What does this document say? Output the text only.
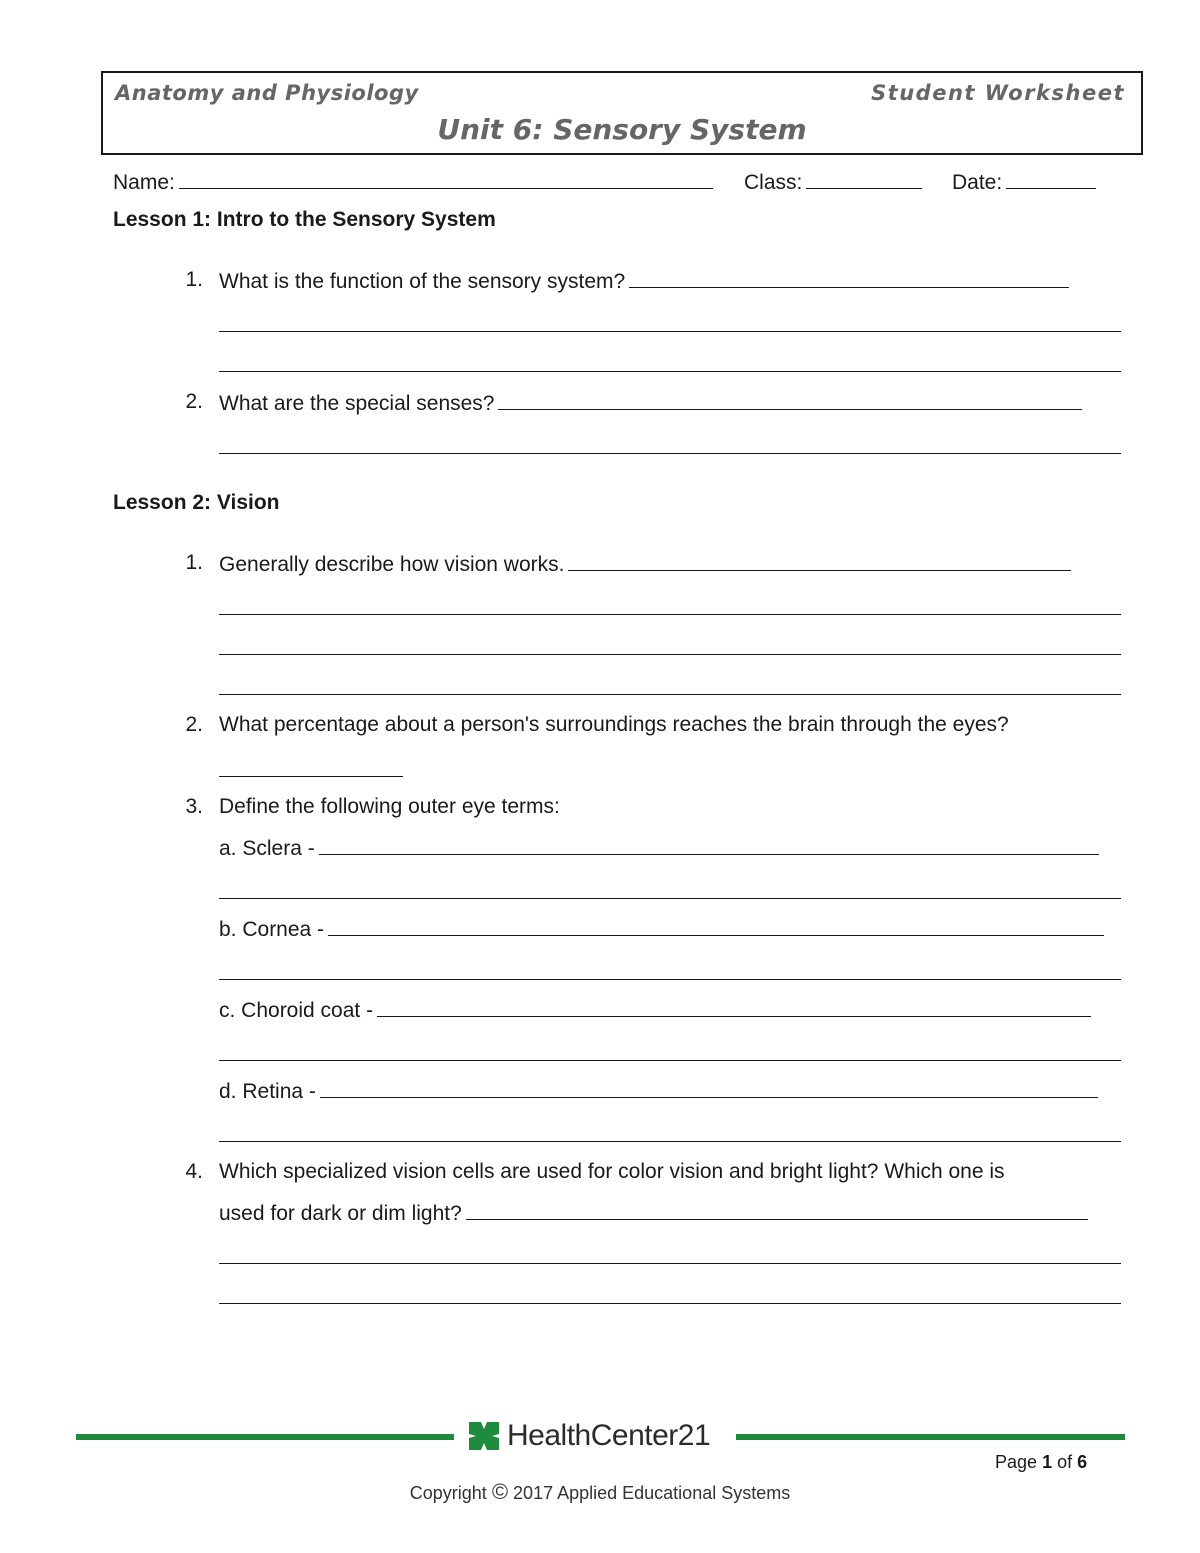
Anatomy and Physiology	Student Worksheet
Unit 6: Sensory System
Name:	Class:	Date:
Lesson 1: Intro to the Sensory System
1. What is the function of the sensory system?
2. What are the special senses?
Lesson 2: Vision
1. Generally describe how vision works.
2. What percentage about a person's surroundings reaches the brain through the eyes?
3. Define the following outer eye terms:
a. Sclera -
b. Cornea -
c. Choroid coat -
d. Retina -
4. Which specialized vision cells are used for color vision and bright light? Which one is
used for dark or dim light?
HealthCenter21
Page 1 of 6
Copyright © 2017 Applied Educational Systems
